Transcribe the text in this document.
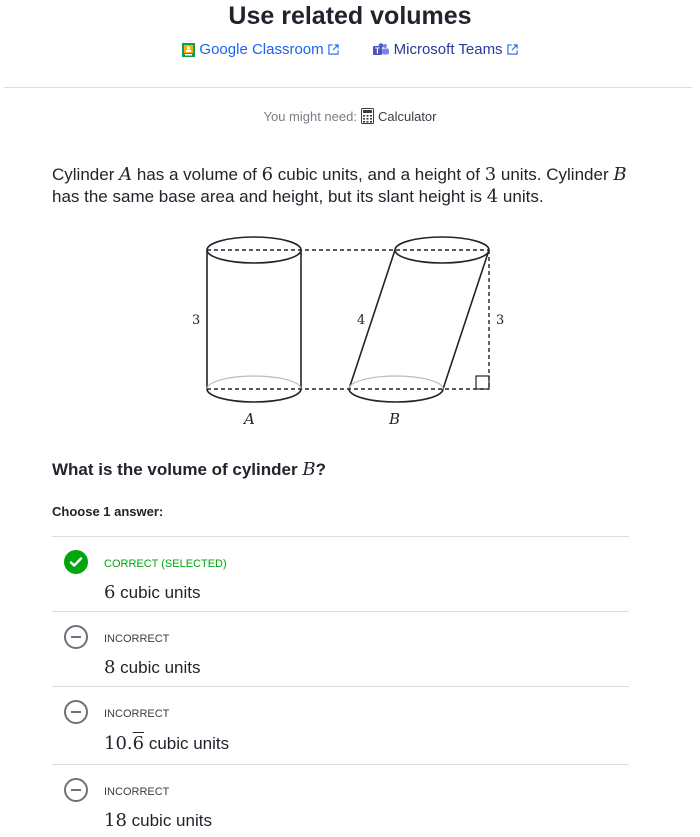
Use related volumes
Google Classroom	T Microsoft Teams
You might need: Calculator
Cylinder A has a volume of 6 cubic units, and a height of 3 units. Cylinder B has the same base area and height, but its slant height is 4 units.
3	4	3
A	B
What is the volume of cylinder B?
Choose 1 answer:
CORRECT (SELECTED)
6 cubic units
INCORRECT
8 cubic units
INCORRECT
10.6 cubic units
INCORRECT
18 cubic units
